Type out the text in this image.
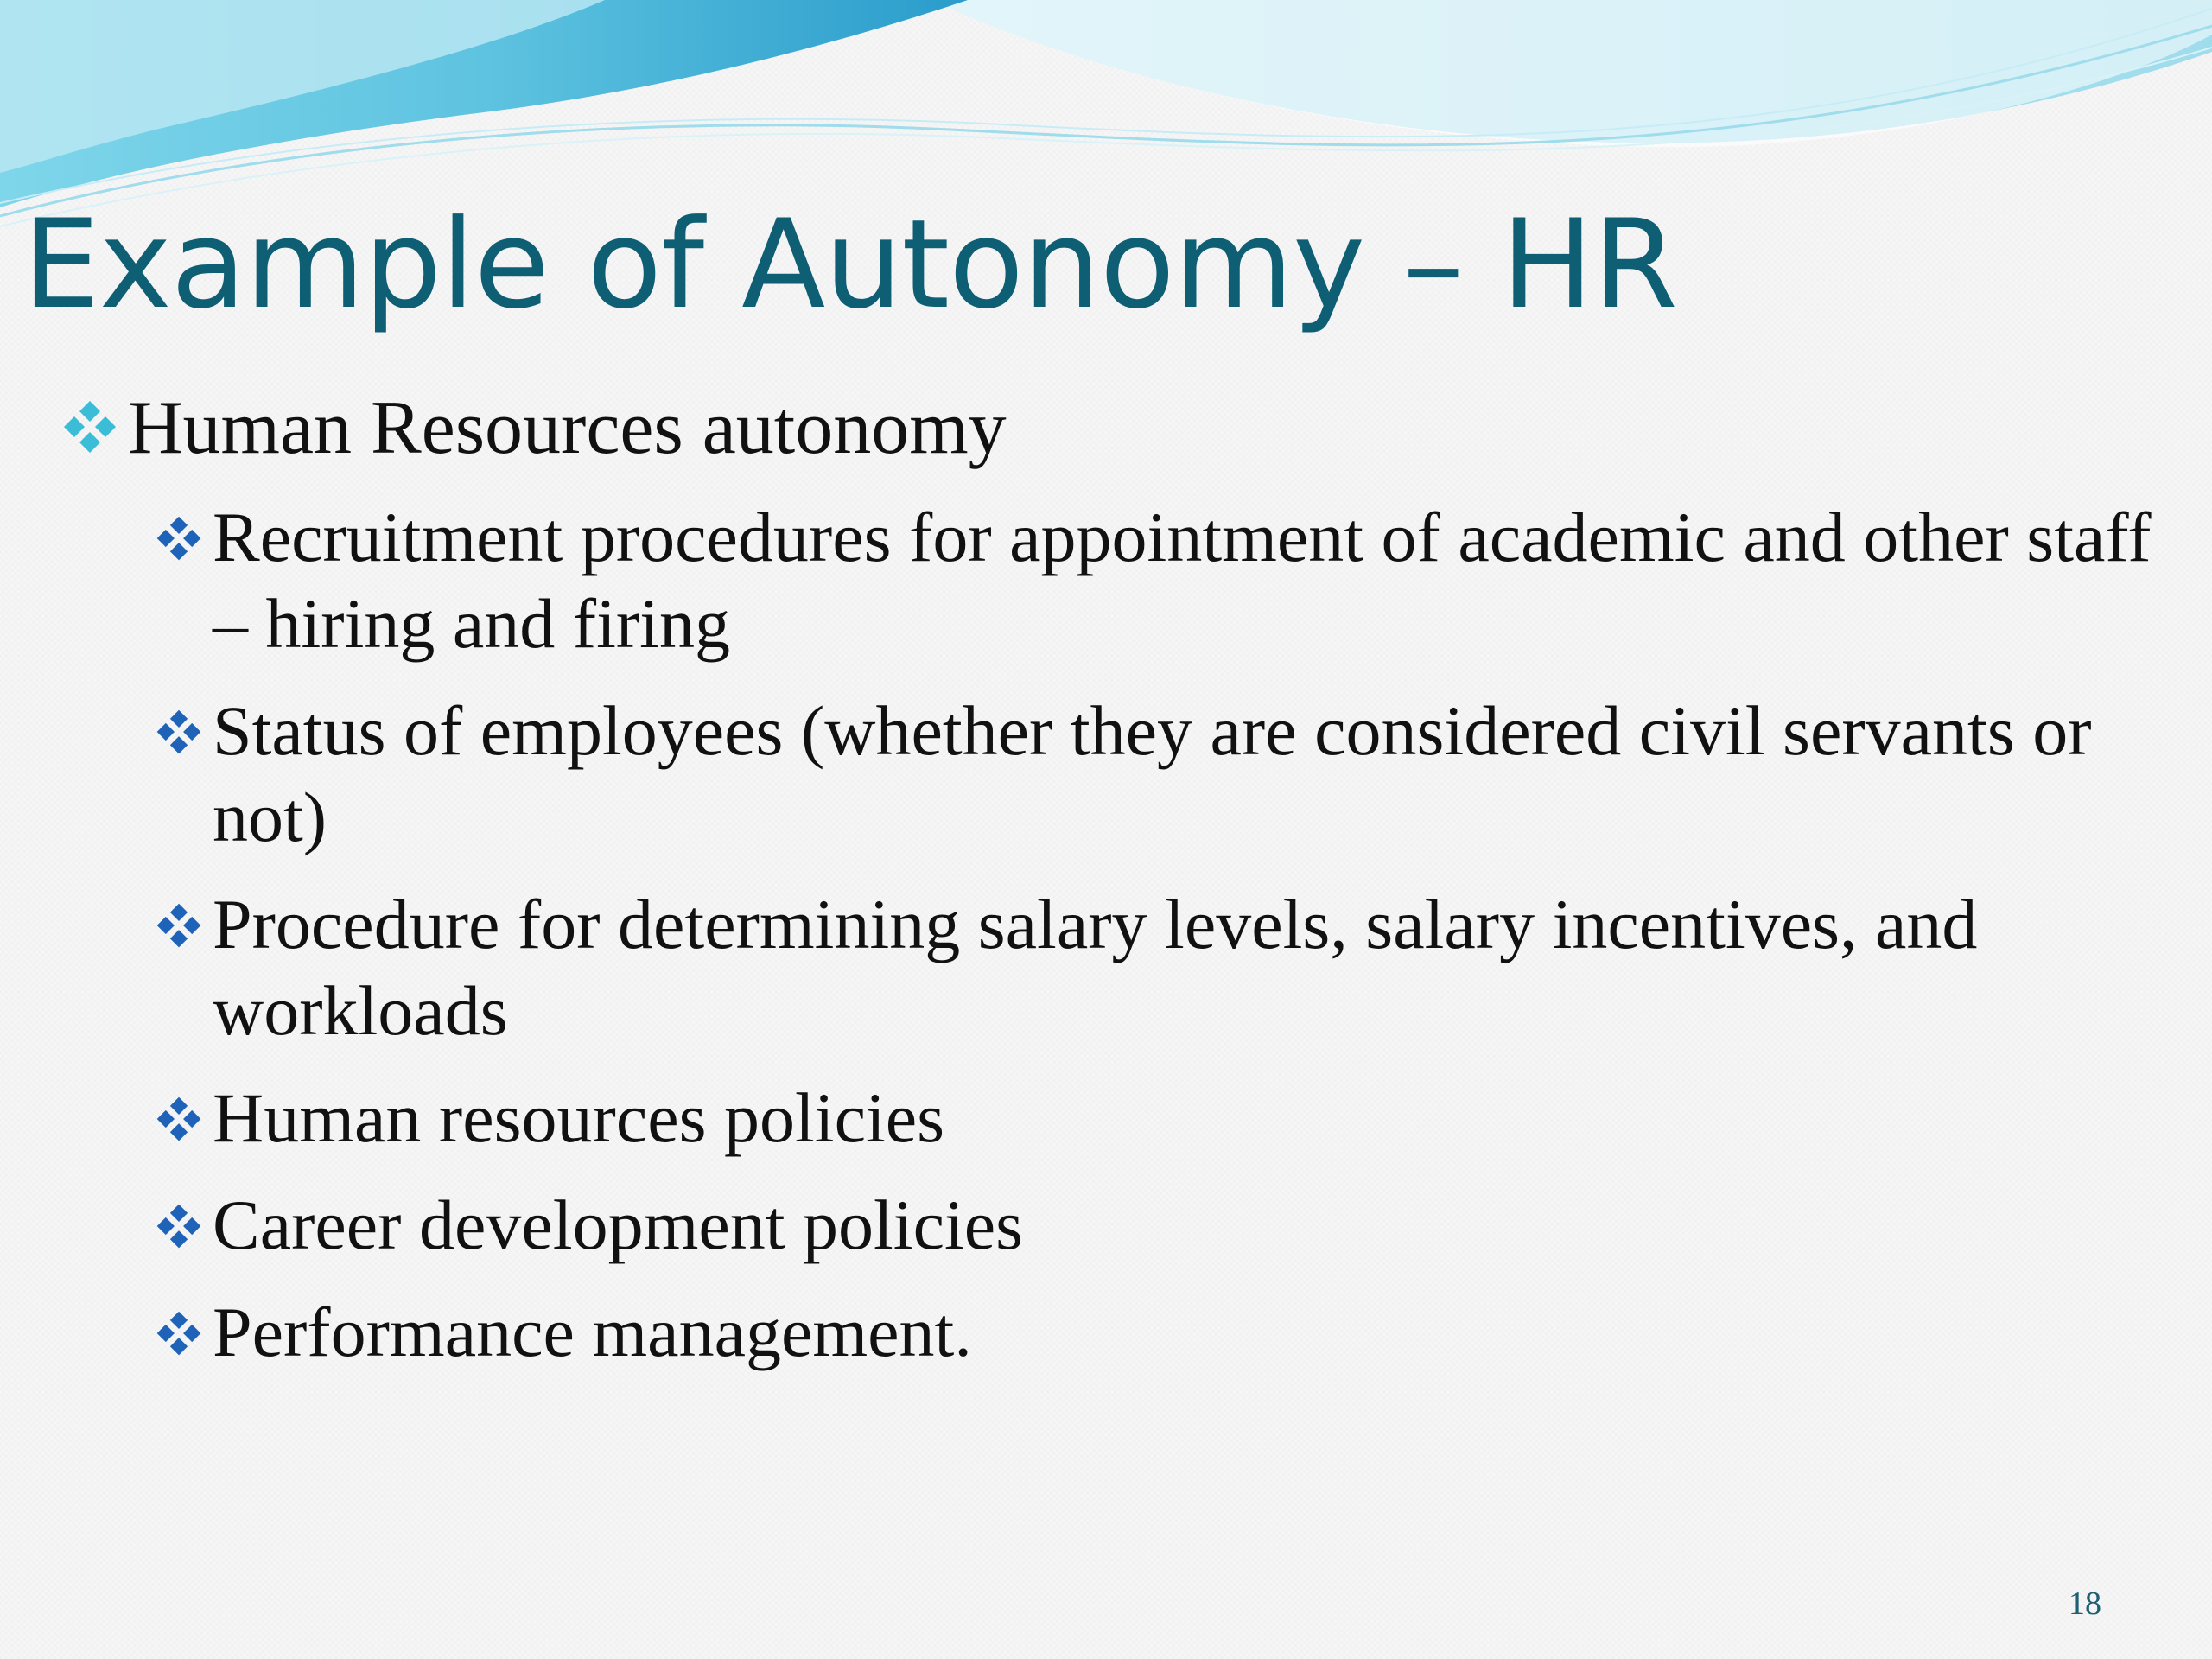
Example of Autonomy – HR
Human Resources autonomy
Recruitment procedures for appointment of academic and other staff – hiring and firing
Status of employees (whether they are considered civil servants or not)
Procedure for determining salary levels, salary incentives, and workloads
Human resources policies
Career development policies
Performance management.
18
